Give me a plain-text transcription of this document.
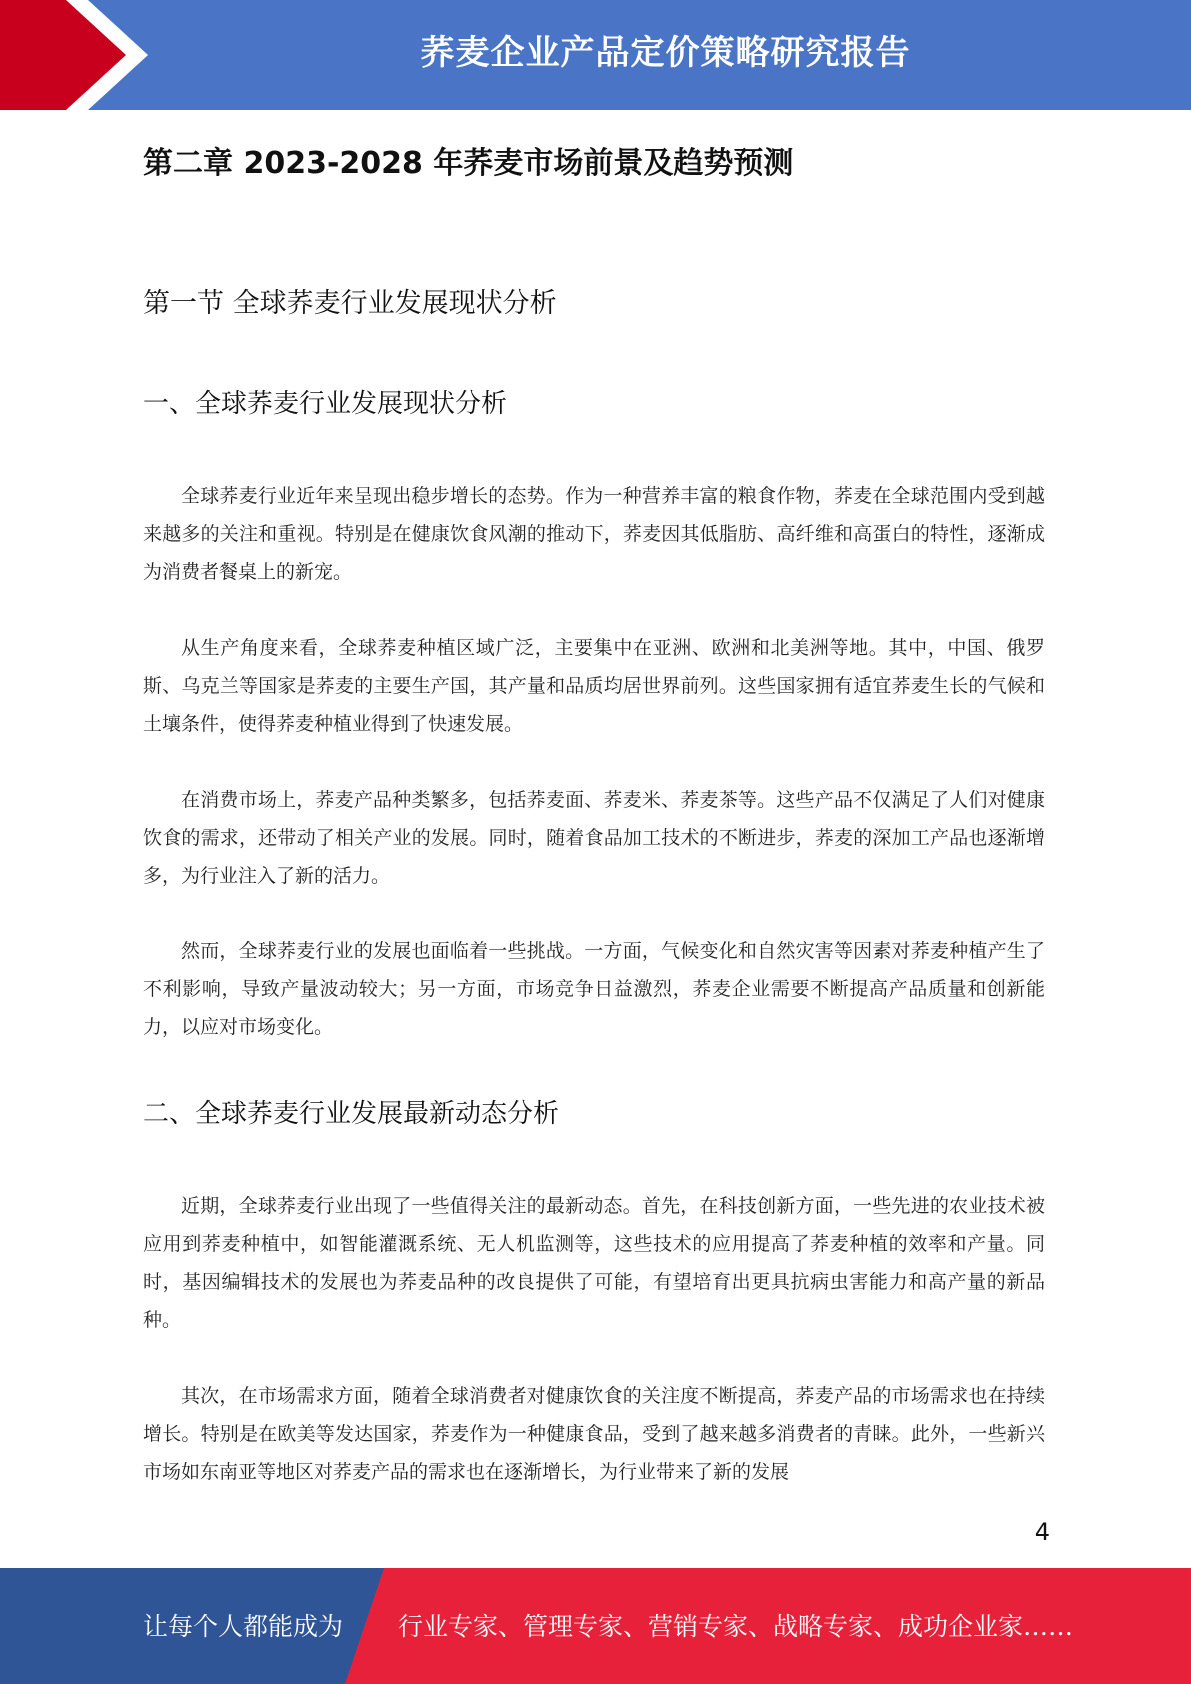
荞麦企业产品定价策略研究报告
第二章 2023-2028 年荞麦市场前景及趋势预测
第一节 全球荞麦行业发展现状分析
一、全球荞麦行业发展现状分析

全球荞麦行业近年来呈现出稳步增长的态势。作为一种营养丰富的粮食作物，荞麦在全球范围内受到越来越多的关注和重视。特别是在健康饮食风潮的推动下，荞麦因其低脂肪、高纤维和高蛋白的特性，逐渐成为消费者餐桌上的新宠。

从生产角度来看，全球荞麦种植区域广泛，主要集中在亚洲、欧洲和北美洲等地。其中，中国、俄罗斯、乌克兰等国家是荞麦的主要生产国，其产量和品质均居世界前列。这些国家拥有适宜荞麦生长的气候和土壤条件，使得荞麦种植业得到了快速发展。

在消费市场上，荞麦产品种类繁多，包括荞麦面、荞麦米、荞麦茶等。这些产品不仅满足了人们对健康饮食的需求，还带动了相关产业的发展。同时，随着食品加工技术的不断进步，荞麦的深加工产品也逐渐增多，为行业注入了新的活力。

然而，全球荞麦行业的发展也面临着一些挑战。一方面，气候变化和自然灾害等因素对荞麦种植产生了不利影响，导致产量波动较大；另一方面，市场竞争日益激烈，荞麦企业需要不断提高产品质量和创新能力，以应对市场变化。

二、全球荞麦行业发展最新动态分析

近期，全球荞麦行业出现了一些值得关注的最新动态。首先，在科技创新方面，一些先进的农业技术被应用到荞麦种植中，如智能灌溉系统、无人机监测等，这些技术的应用提高了荞麦种植的效率和产量。同时，基因编辑技术的发展也为荞麦品种的改良提供了可能，有望培育出更具抗病虫害能力和高产量的新品种。

其次，在市场需求方面，随着全球消费者对健康饮食的关注度不断提高，荞麦产品的市场需求也在持续增长。特别是在欧美等发达国家，荞麦作为一种健康食品，受到了越来越多消费者的青睐。此外，一些新兴市场如东南亚等地区对荞麦产品的需求也在逐渐增长，为行业带来了新的发展

4
让每个人都能成为 行业专家、管理专家、营销专家、战略专家、成功企业家……
